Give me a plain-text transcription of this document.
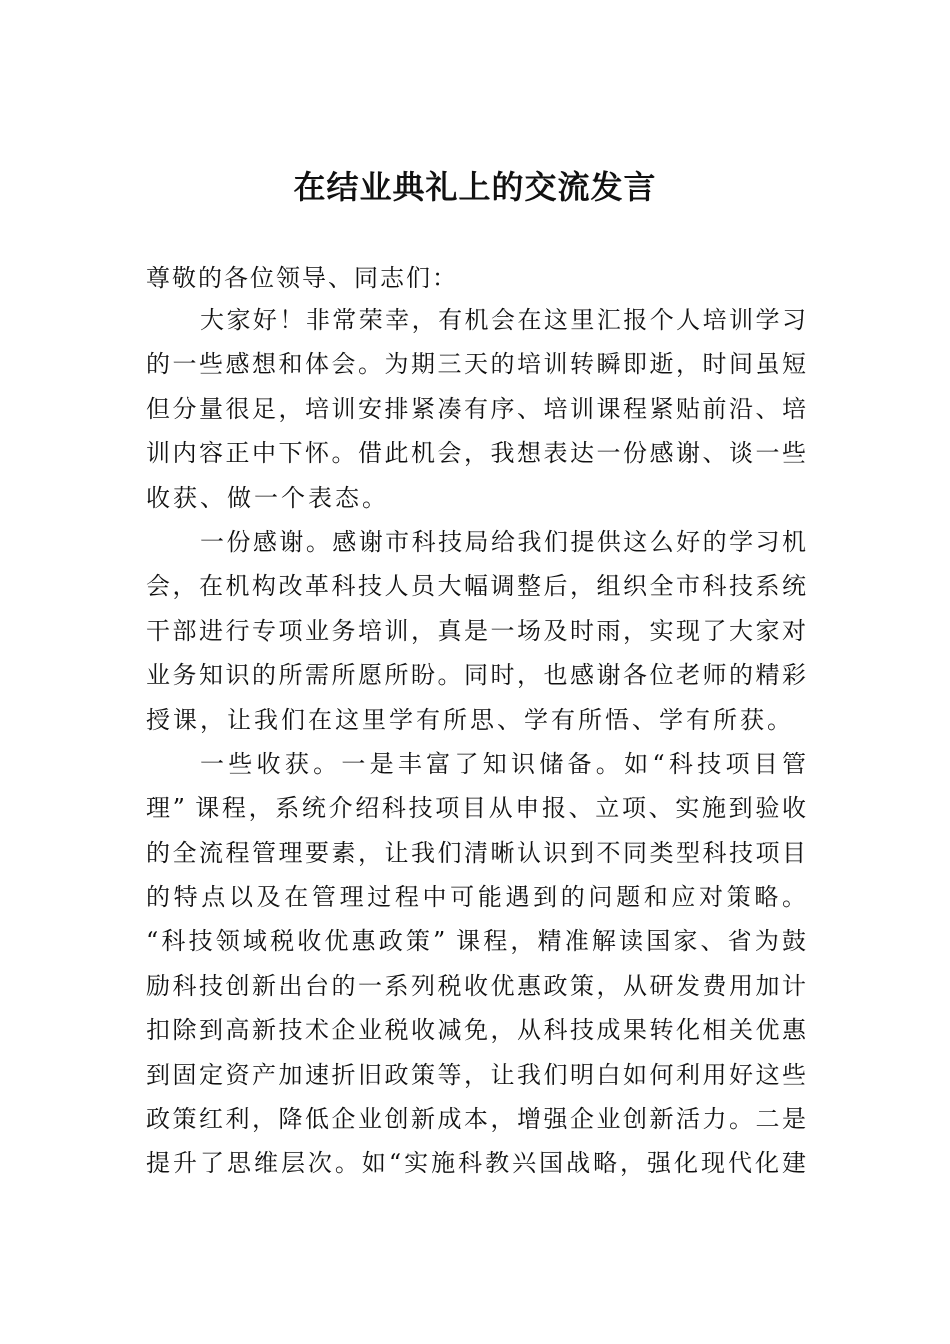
在结业典礼上的交流发言
尊敬的各位领导、同志们：
大家好！非常荣幸，有机会在这里汇报个人培训学习
的一些感想和体会。为期三天的培训转瞬即逝，时间虽短
但分量很足，培训安排紧凑有序、培训课程紧贴前沿、培
训内容正中下怀。借此机会，我想表达一份感谢、谈一些
收获、做一个表态。
一份感谢。感谢市科技局给我们提供这么好的学习机
会，在机构改革科技人员大幅调整后，组织全市科技系统
干部进行专项业务培训，真是一场及时雨，实现了大家对
业务知识的所需所愿所盼。同时，也感谢各位老师的精彩
授课，让我们在这里学有所思、学有所悟、学有所获。
一些收获。一是丰富了知识储备。如“科技项目管
理” 课程，系统介绍科技项目从申报、立项、实施到验收
的全流程管理要素，让我们清晰认识到不同类型科技项目
的特点以及在管理过程中可能遇到的问题和应对策略。
“科技领域税收优惠政策” 课程，精准解读国家、省为鼓
励科技创新出台的一系列税收优惠政策，从研发费用加计
扣除到高新技术企业税收减免，从科技成果转化相关优惠
到固定资产加速折旧政策等，让我们明白如何利用好这些
政策红利，降低企业创新成本，增强企业创新活力。二是
提升了思维层次。如“实施科教兴国战略，强化现代化建
